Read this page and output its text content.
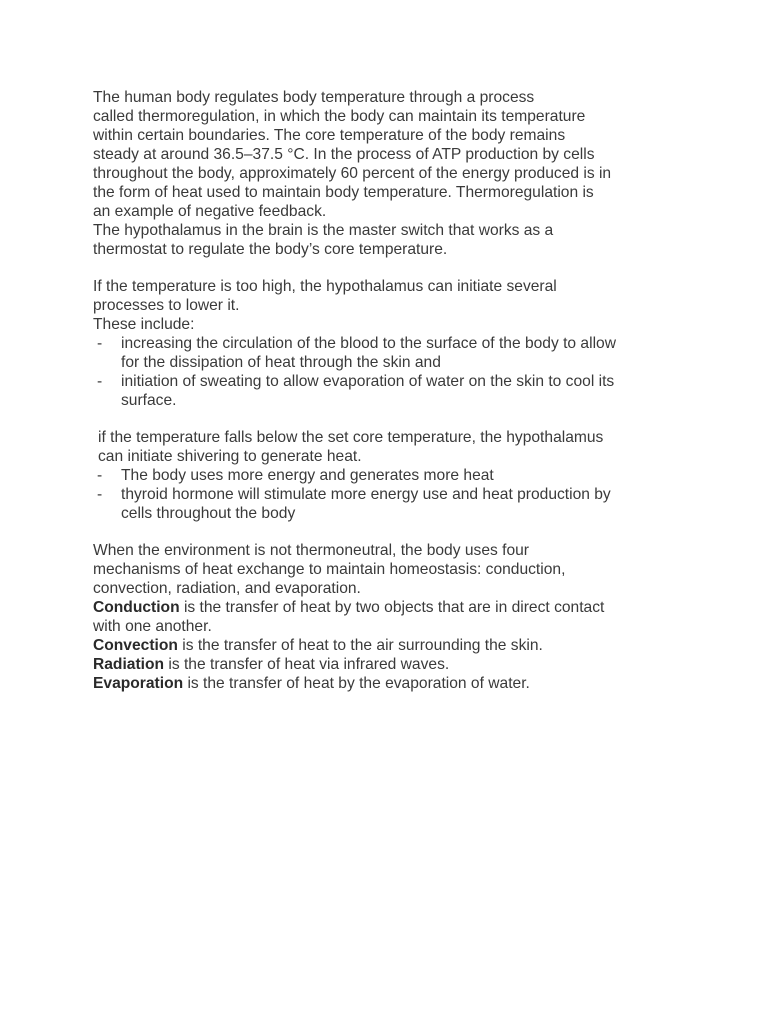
The human body regulates body temperature through a process
called thermoregulation, in which the body can maintain its temperature
within certain boundaries. The core temperature of the body remains
steady at around 36.5–37.5 °C. In the process of ATP production by cells
throughout the body, approximately 60 percent of the energy produced is in
the form of heat used to maintain body temperature. Thermoregulation is
an example of negative feedback.
The hypothalamus in the brain is the master switch that works as a
thermostat to regulate the body’s core temperature.
If the temperature is too high, the hypothalamus can initiate several
processes to lower it.
These include:
- increasing the circulation of the blood to the surface of the body to allow
for the dissipation of heat through the skin and
- initiation of sweating to allow evaporation of water on the skin to cool its
surface.
if the temperature falls below the set core temperature, the hypothalamus
can initiate shivering to generate heat.
- The body uses more energy and generates more heat
- thyroid hormone will stimulate more energy use and heat production by
cells throughout the body
When the environment is not thermoneutral, the body uses four
mechanisms of heat exchange to maintain homeostasis: conduction,
convection, radiation, and evaporation.
Conduction is the transfer of heat by two objects that are in direct contact
with one another.
Convection is the transfer of heat to the air surrounding the skin.
Radiation is the transfer of heat via infrared waves.
Evaporation is the transfer of heat by the evaporation of water.
